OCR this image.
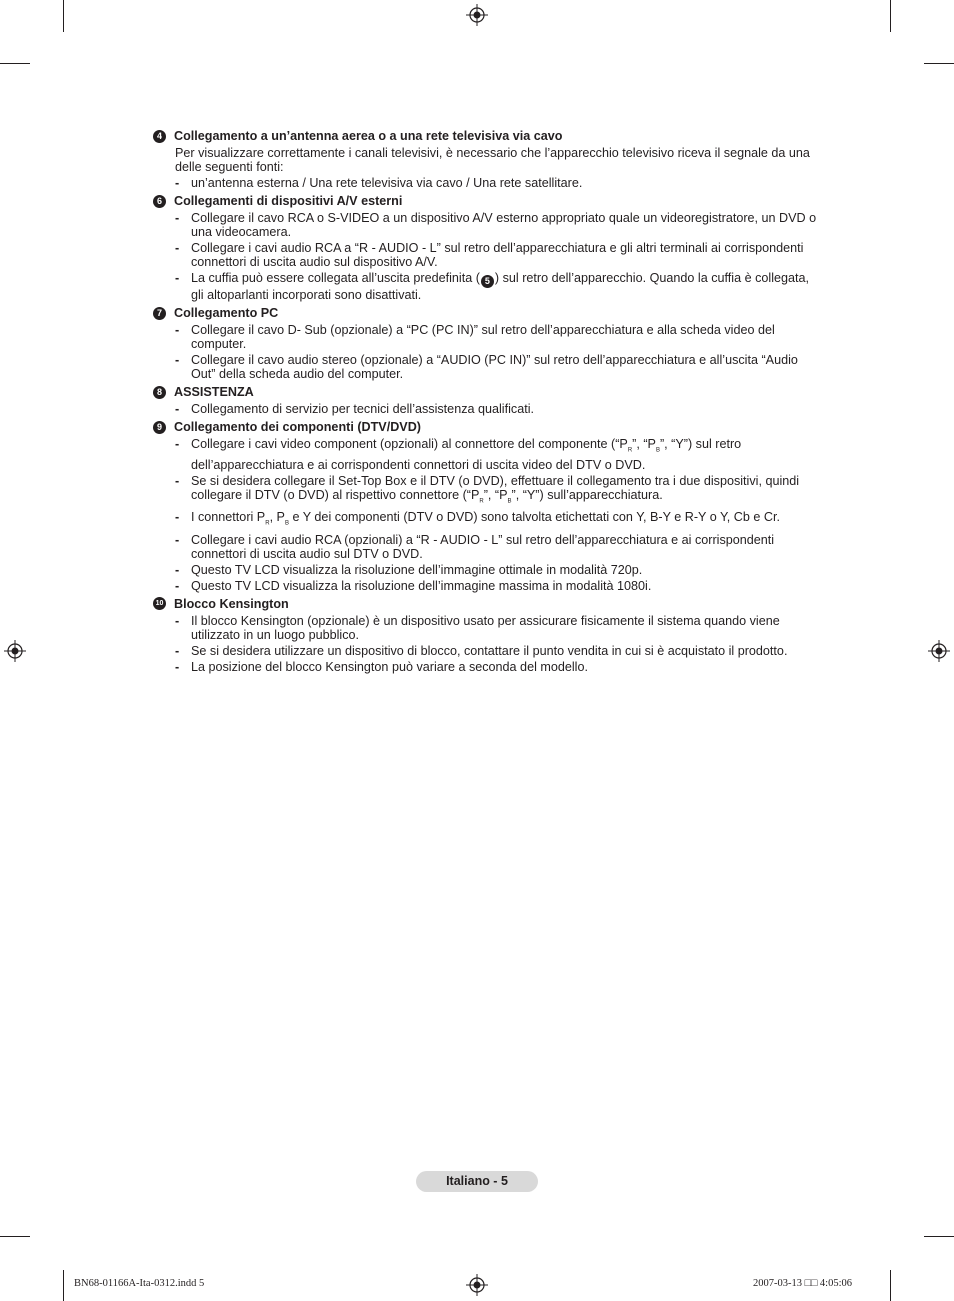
4 Collegamento a un’antenna aerea o a una rete televisiva via cavo
Per visualizzare correttamente i canali televisivi, è necessario che l’apparecchio televisivo riceva il segnale da una delle seguenti fonti:
- un’antenna esterna / Una rete televisiva via cavo / Una rete satellitare.
6 Collegamenti di dispositivi A/V esterni
- Collegare il cavo RCA o S-VIDEO a un dispositivo A/V esterno appropriato quale un videoregistratore, un DVD o una videocamera.
- Collegare i cavi audio RCA a “R - AUDIO - L” sul retro dell’apparecchiatura e gli altri terminali ai corrispondenti connettori di uscita audio sul dispositivo A/V.
- La cuffia può essere collegata all’uscita predefinita ( 5 ) sul retro dell’apparecchio. Quando la cuffia è collegata, gli altoparlanti incorporati sono disattivati.
7 Collegamento PC
- Collegare il cavo D- Sub (opzionale) a “PC (PC IN)” sul retro dell’apparecchiatura e alla scheda video del computer.
- Collegare il cavo audio stereo (opzionale) a “AUDIO (PC IN)” sul retro dell’apparecchiatura e all’uscita “Audio Out” della scheda audio del computer.
8 ASSISTENZA
- Collegamento di servizio per tecnici dell’assistenza qualificati.
9 Collegamento dei componenti (DTV/DVD)
- Collegare i cavi video component (opzionali) al connettore del componente (“$P_R$”, “$P_B$”, “Y”) sul retro dell’apparecchiatura e ai corrispondenti connettori di uscita video del DTV o DVD.
- Se si desidera collegare il Set-Top Box e il DTV (o DVD), effettuare il collegamento tra i due dispositivi, quindi collegare il DTV (o DVD) al rispettivo connettore (“$P_R$”, “$P_B$”, “Y”) sull’apparecchiatura.
- I connettori $P_R$, $P_B$ e Y dei componenti (DTV o DVD) sono talvolta etichettati con Y, B-Y e R-Y o Y, Cb e Cr.
- Collegare i cavi audio RCA (opzionali) a “R - AUDIO - L” sul retro dell’apparecchiatura e ai corrispondenti connettori di uscita audio sul DTV o DVD.
- Questo TV LCD visualizza la risoluzione dell’immagine ottimale in modalità 720p.
- Questo TV LCD visualizza la risoluzione dell’immagine massima in modalità 1080i.
10 Blocco Kensington
- Il blocco Kensington (opzionale) è un dispositivo usato per assicurare fisicamente il sistema quando viene utilizzato in un luogo pubblico.
- Se si desidera utilizzare un dispositivo di blocco, contattare il punto vendita in cui si è acquistato il prodotto.
- La posizione del blocco Kensington può variare a seconda del modello.
Italiano - 5
BN68-01166A-Ita-0312.indd 5	2007-03-13 □□ 4:05:06
